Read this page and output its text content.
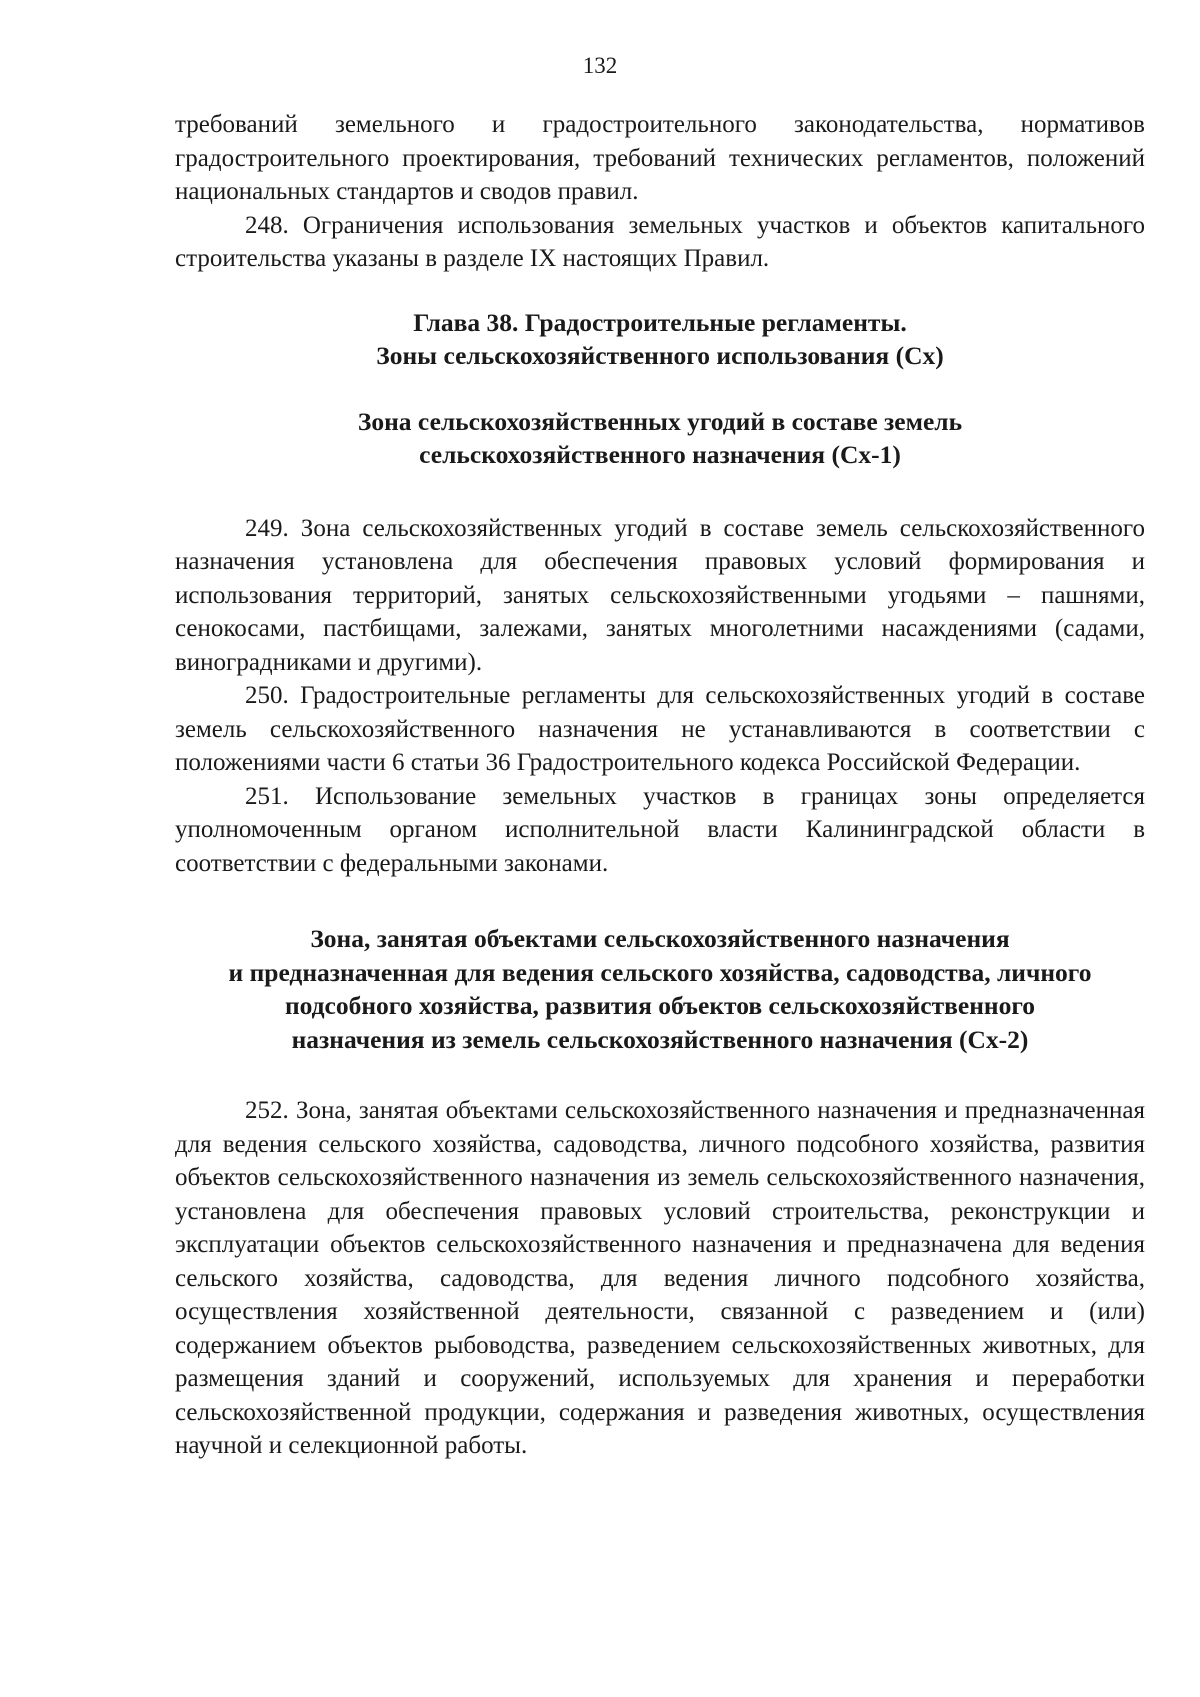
132

требований земельного и градостроительного законодательства, нормативов градостроительного проектирования, требований технических регламентов, положений национальных стандартов и сводов правил.

248. Ограничения использования земельных участков и объектов капитального строительства указаны в разделе IX настоящих Правил.

Глава 38. Градостроительные регламенты.
Зоны сельскохозяйственного использования (Сх)
Зона сельскохозяйственных угодий в составе земель
сельскохозяйственного назначения (Сх-1)

249. Зона сельскохозяйственных угодий в составе земель сельскохозяйственного назначения установлена для обеспечения правовых условий формирования и использования территорий, занятых сельскохозяйственными угодьями – пашнями, сенокосами, пастбищами, залежами, занятых многолетними насаждениями (садами, виноградниками и другими).

250. Градостроительные регламенты для сельскохозяйственных угодий в составе земель сельскохозяйственного назначения не устанавливаются в соответствии с положениями части 6 статьи 36 Градостроительного кодекса Российской Федерации.

251. Использование земельных участков в границах зоны определяется уполномоченным органом исполнительной власти Калининградской области в соответствии с федеральными законами.

Зона, занятая объектами сельскохозяйственного назначения
и предназначенная для ведения сельского хозяйства, садоводства, личного
подсобного хозяйства, развития объектов сельскохозяйственного
назначения из земель сельскохозяйственного назначения (Сх-2)

252. Зона, занятая объектами сельскохозяйственного назначения и предназначенная для ведения сельского хозяйства, садоводства, личного подсобного хозяйства, развития объектов сельскохозяйственного назначения из земель сельскохозяйственного назначения, установлена для обеспечения правовых условий строительства, реконструкции и эксплуатации объектов сельскохозяйственного назначения и предназначена для ведения сельского хозяйства, садоводства, для ведения личного подсобного хозяйства, осуществления хозяйственной деятельности, связанной с разведением и (или) содержанием объектов рыбоводства, разведением сельскохозяйственных животных, для размещения зданий и сооружений, используемых для хранения и переработки сельскохозяйственной продукции, содержания и разведения животных, осуществления научной и селекционной работы.
